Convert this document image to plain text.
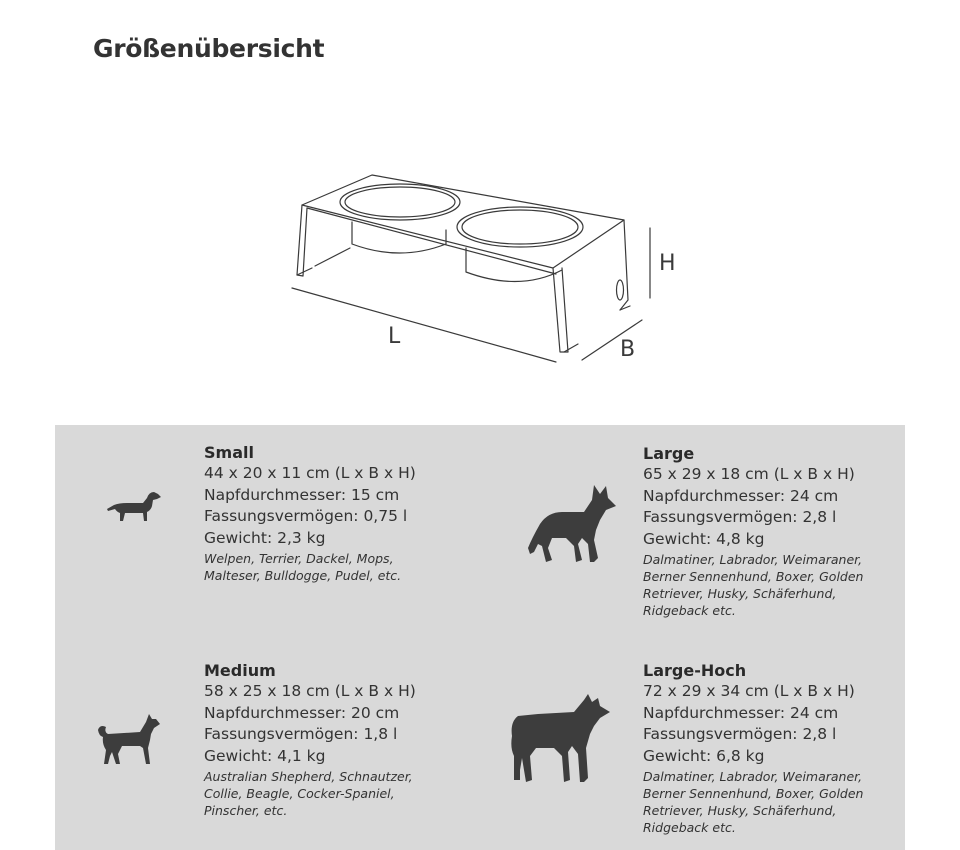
Größenübersicht
L
B
H
Small
44 x 20 x 11 cm (L x B x H)
Napfdurchmesser: 15 cm
Fassungsvermögen: 0,75 l
Gewicht: 2,3 kg
Welpen, Terrier, Dackel, Mops, Malteser, Bulldogge, Pudel, etc.
Medium
58 x 25 x 18 cm (L x B x H)
Napfdurchmesser: 20 cm
Fassungsvermögen: 1,8 l
Gewicht: 4,1 kg
Australian Shepherd, Schnautzer, Collie, Beagle, Cocker-Spaniel, Pinscher, etc.
Large
65 x 29 x 18 cm (L x B x H)
Napfdurchmesser: 24 cm
Fassungsvermögen: 2,8 l
Gewicht: 4,8 kg
Dalmatiner, Labrador, Weimaraner, Berner Sennenhund, Boxer, Golden Retriever, Husky, Schäferhund, Ridgeback etc.
Large-Hoch
72 x 29 x 34 cm (L x B x H)
Napfdurchmesser: 24 cm
Fassungsvermögen: 2,8 l
Gewicht: 6,8 kg
Dalmatiner, Labrador, Weimaraner, Berner Sennenhund, Boxer, Golden Retriever, Husky, Schäferhund, Ridgeback etc.
